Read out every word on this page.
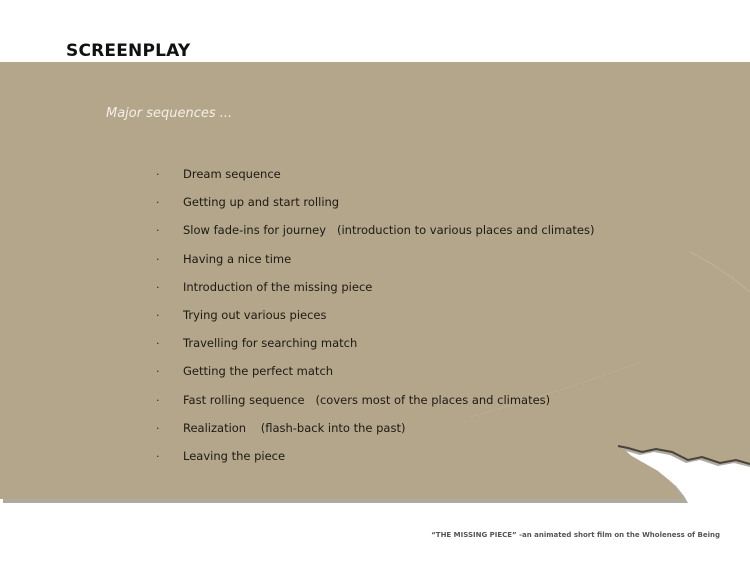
SCREENPLAY
Major sequences ...
·	Dream sequence
·	Getting up and start rolling
·	Slow fade-ins for journey   (introduction to various places and climates)
·	Having a nice time
·	Introduction of the missing piece
·	Trying out various pieces
·	Travelling for searching match
·	Getting the perfect match
·	Fast rolling sequence   (covers most of the places and climates)
·	Realization    (flash-back into the past)
·	Leaving the piece
“THE MISSING PIECE” -an animated short film on the Wholeness of Being
